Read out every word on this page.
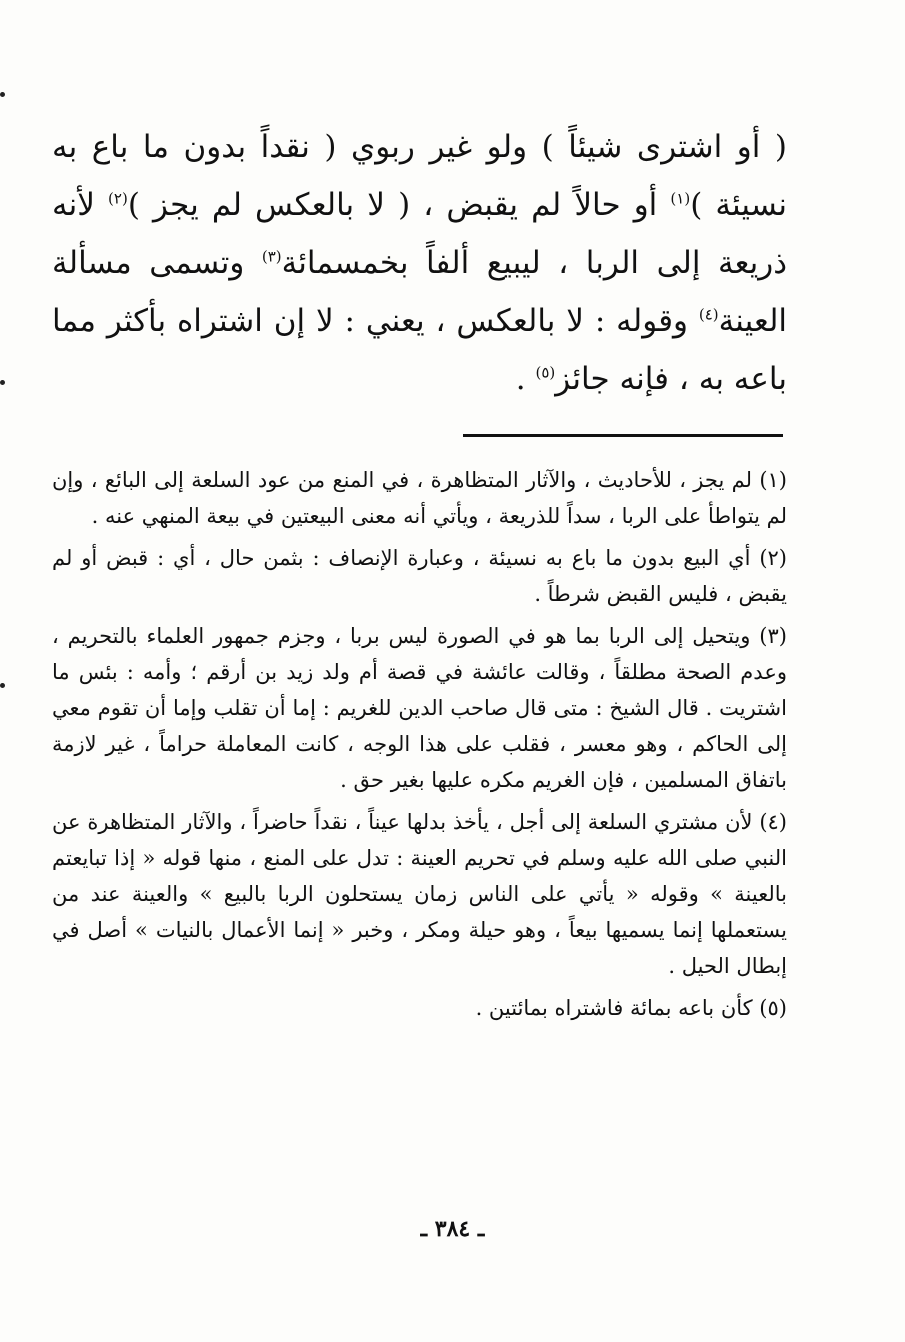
( أو اشترى شيئاً ) ولو غير ربوي ( نقداً بدون ما باع به نسيئة )$^{(١)}$ أو حالاً لم يقبض ، ( لا بالعكس لم يجز )$^{(٢)}$ لأنه ذريعة إلى الربا ، ليبيع ألفاً بخمسمائة$^{(٣)}$ وتسمى مسألة العينة$^{(٤)}$ وقوله : لا بالعكس ، يعني : لا إن اشتراه بأكثر مما باعه به ، فإنه جائز$^{(٥)}$ .

(١) لم يجز ، للأحاديث ، والآثار المتظاهرة ، في المنع من عود السلعة إلى البائع ، وإن لم يتواطأ على الربا ، سداً للذريعة ، ويأتي أنه معنى البيعتين في بيعة المنهي عنه .

(٢) أي البيع بدون ما باع به نسيئة ، وعبارة الإنصاف : بثمن حال ، أي : قبض أو لم يقبض ، فليس القبض شرطاً .

(٣) ويتحيل إلى الربا بما هو في الصورة ليس بربا ، وجزم جمهور العلماء بالتحريم ، وعدم الصحة مطلقاً ، وقالت عائشة في قصة أم ولد زيد بن أرقم ؛ وأمه : بئس ما اشتريت . قال الشيخ : متى قال صاحب الدين للغريم : إما أن تقلب وإما أن تقوم معي إلى الحاكم ، وهو معسر ، فقلب على هذا الوجه ، كانت المعاملة حراماً ، غير لازمة باتفاق المسلمين ، فإن الغريم مكره عليها بغير حق .

(٤) لأن مشتري السلعة إلى أجل ، يأخذ بدلها عيناً ، نقداً حاضراً ، والآثار المتظاهرة عن النبي صلى الله عليه وسلم في تحريم العينة : تدل على المنع ، منها قوله « إذا تبايعتم بالعينة » وقوله « يأتي على الناس زمان يستحلون الربا بالبيع » والعينة عند من يستعملها إنما يسميها بيعاً ، وهو حيلة ومكر ، وخبر « إنما الأعمال بالنيات » أصل في إبطال الحيل .

(٥) كأن باعه بمائة فاشتراه بمائتين .

ـ ٣٨٤ ـ
